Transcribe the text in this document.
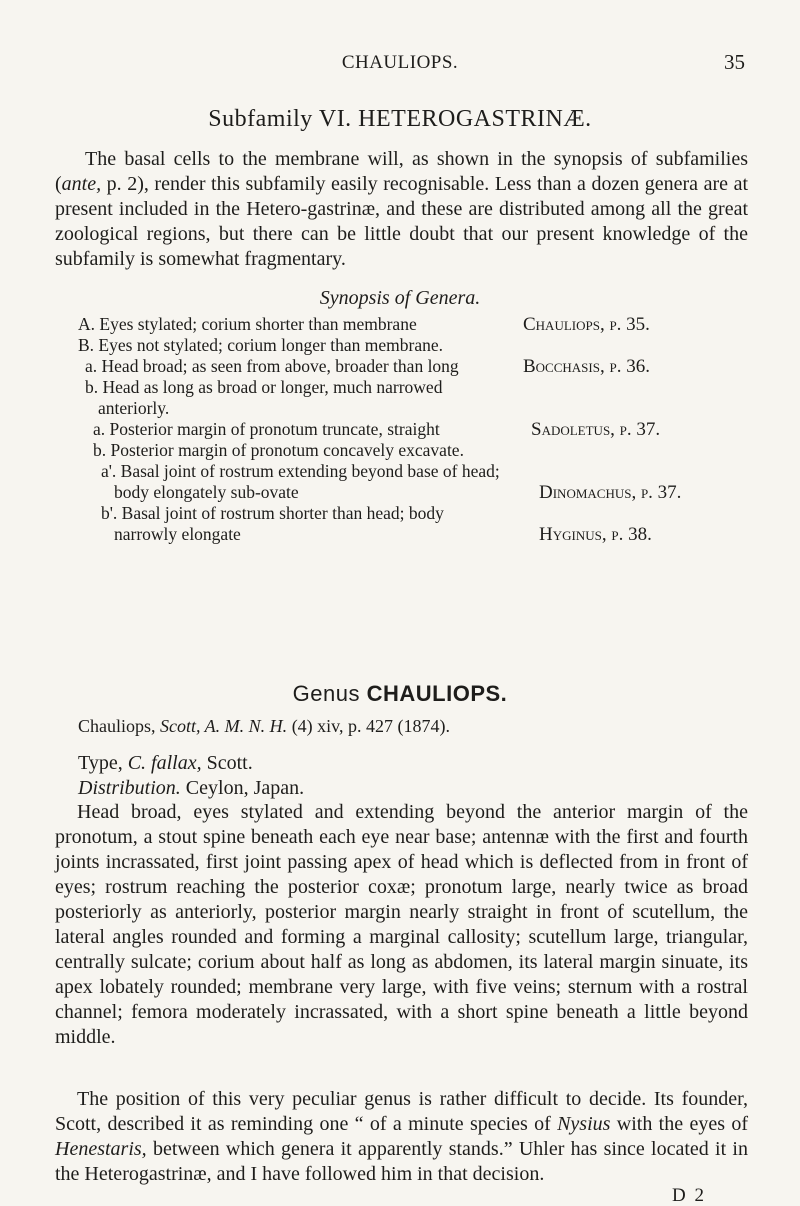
CHAULIOPS.	35
Subfamily VI. HETEROGASTRINÆ.

The basal cells to the membrane will, as shown in the synopsis of subfamilies (ante, p. 2), render this subfamily easily recognisable. Less than a dozen genera are at present included in the Hetero-gastrinæ, and these are distributed among all the great zoological regions, but there can be little doubt that our present knowledge of the subfamily is somewhat fragmentary.

Synopsis of Genera.
A. Eyes stylated; corium shorter than membrane	Chauliops, p. 35.
B. Eyes not stylated; corium longer than membrane.
a. Head broad; as seen from above, broader than long	Bocchasis, p. 36.
b. Head as long as broad or longer, much narrowed anteriorly.
a. Posterior margin of pronotum truncate, straight	Sadoletus, p. 37.
b. Posterior margin of pronotum concavely excavate.
a'. Basal joint of rostrum extending beyond base of head; body elongately sub-ovate	Dinomachus, p. 37.
b'. Basal joint of rostrum shorter than head; body narrowly elongate	Hyginus, p. 38.
Genus CHAULIOPS.
Chauliops, Scott, A. M. N. H. (4) xiv, p. 427 (1874).
Type, C. fallax, Scott.
Distribution. Ceylon, Japan.

Head broad, eyes stylated and extending beyond the anterior margin of the pronotum, a stout spine beneath each eye near base; antennæ with the first and fourth joints incrassated, first joint passing apex of head which is deflected from in front of eyes; rostrum reaching the posterior coxæ; pronotum large, nearly twice as broad posteriorly as anteriorly, posterior margin nearly straight in front of scutellum, the lateral angles rounded and forming a marginal callosity; scutellum large, triangular, centrally sulcate; corium about half as long as abdomen, its lateral margin sinuate, its apex lobately rounded; membrane very large, with five veins; sternum with a rostral channel; femora moderately incrassated, with a short spine beneath a little beyond middle.

The position of this very peculiar genus is rather difficult to decide. Its founder, Scott, described it as reminding one “ of a minute species of Nysius with the eyes of Henestaris, between which genera it apparently stands.” Uhler has since located it in the Heterogastrinæ, and I have followed him in that decision.

D 2
